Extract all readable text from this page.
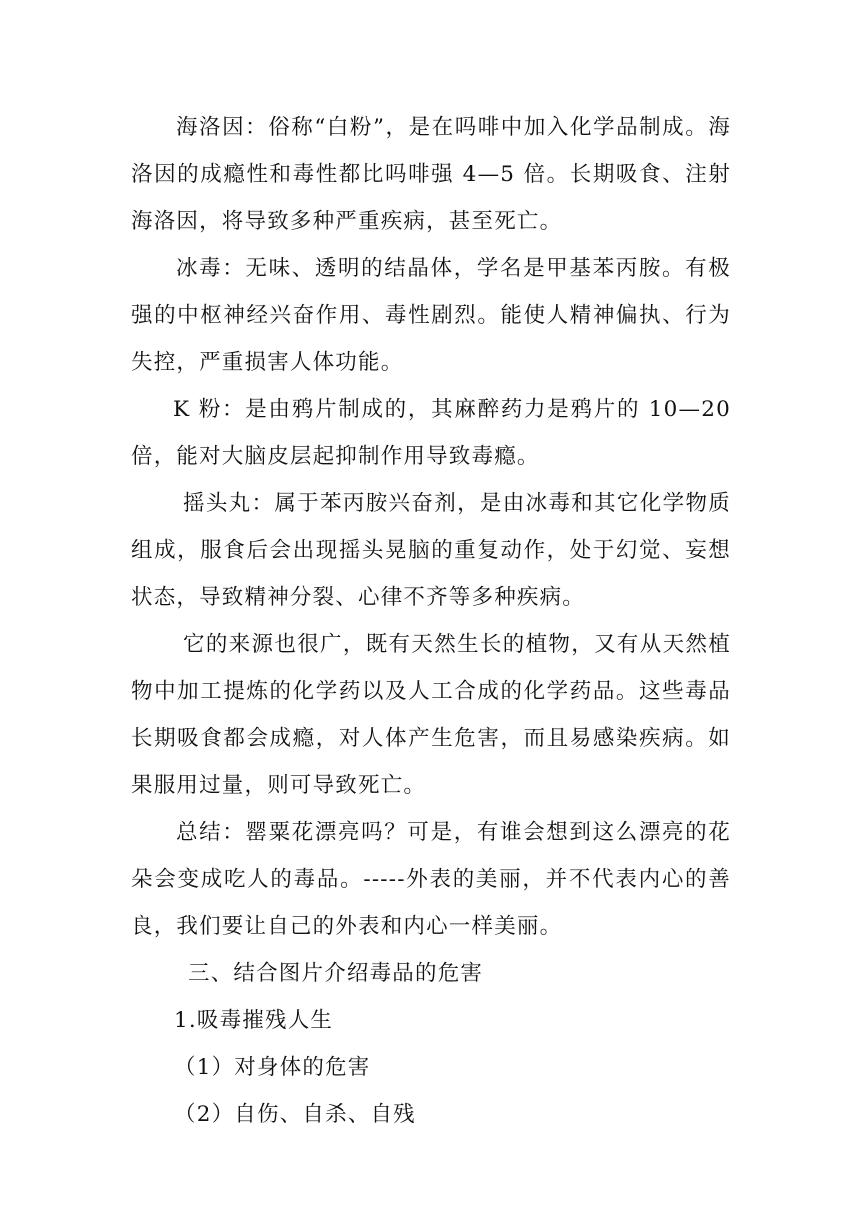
海洛因：俗称“白粉”，是在吗啡中加入化学品制成。海洛因的成瘾性和毒性都比吗啡强 4—5 倍。长期吸食、注射海洛因，将导致多种严重疾病，甚至死亡。

冰毒：无味、透明的结晶体，学名是甲基苯丙胺。有极强的中枢神经兴奋作用、毒性剧烈。能使人精神偏执、行为失控，严重损害人体功能。

K 粉：是由鸦片制成的，其麻醉药力是鸦片的 10—20 倍，能对大脑皮层起抑制作用导致毒瘾。

摇头丸：属于苯丙胺兴奋剂，是由冰毒和其它化学物质组成，服食后会出现摇头晃脑的重复动作，处于幻觉、妄想状态，导致精神分裂、心律不齐等多种疾病。

它的来源也很广，既有天然生长的植物，又有从天然植物中加工提炼的化学药以及人工合成的化学药品。这些毒品长期吸食都会成瘾，对人体产生危害，而且易感染疾病。如果服用过量，则可导致死亡。

总结：罂粟花漂亮吗？可是，有谁会想到这么漂亮的花朵会变成吃人的毒品。-----外表的美丽，并不代表内心的善良，我们要让自己的外表和内心一样美丽。

三、结合图片介绍毒品的危害

1.吸毒摧残人生

（1）对身体的危害

（2）自伤、自杀、自残
